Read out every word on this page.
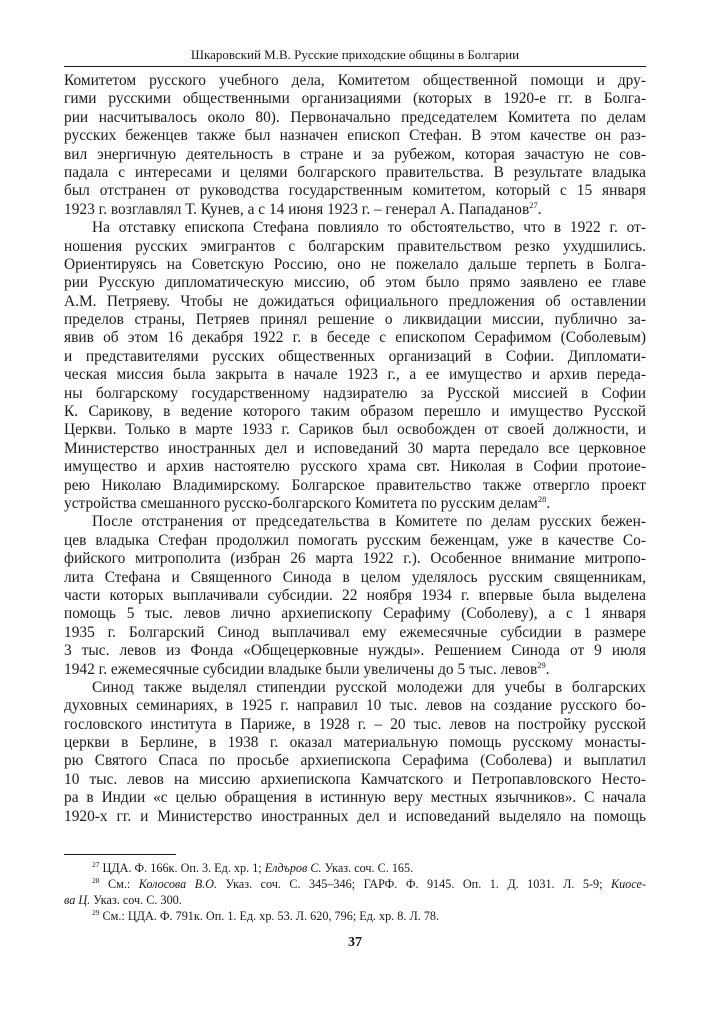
Шкаровский М.В. Русские приходские общины в Болгарии
Комитетом русского учебного дела, Комитетом общественной помощи и дру-
гими русскими общественными организациями (которых в 1920-е гг. в Болга-
рии насчитывалось около 80). Первоначально председателем Комитета по делам
русских беженцев также был назначен епископ Стефан. В этом качестве он раз-
вил энергичную деятельность в стране и за рубежом, которая зачастую не сов-
падала с интересами и целями болгарского правительства. В результате владыка
был отстранен от руководства государственным комитетом, который с 15 января
1923 г. возглавлял Т. Кунев, а с 14 июня 1923 г. – генерал А. Пападанов$^{27}$.
На отставку епископа Стефана повлияло то обстоятельство, что в 1922 г. от-
ношения русских эмигрантов с болгарским правительством резко ухудшились.
Ориентируясь на Советскую Россию, оно не пожелало дальше терпеть в Болга-
рии Русскую дипломатическую миссию, об этом было прямо заявлено ее главе
А.М. Петряеву. Чтобы не дожидаться официального предложения об оставлении
пределов страны, Петряев принял решение о ликвидации миссии, публично за-
явив об этом 16 декабря 1922 г. в беседе с епископом Серафимом (Соболевым)
и представителями русских общественных организаций в Софии. Дипломати-
ческая миссия была закрыта в начале 1923 г., а ее имущество и архив переда-
ны болгарскому государственному надзирателю за Русской миссией в Софии
К. Сарикову, в ведение которого таким образом перешло и имущество Русской
Церкви. Только в марте 1933 г. Сариков был освобожден от своей должности, и
Министерство иностранных дел и исповеданий 30 марта передало все церковное
имущество и архив настоятелю русского храма свт. Николая в Софии протоие-
рею Николаю Владимирскому. Болгарское правительство также отвергло проект
устройства смешанного русско-болгарского Комитета по русским делам$^{28}$.
После отстранения от председательства в Комитете по делам русских бежен-
цев владыка Стефан продолжил помогать русским беженцам, уже в качестве Со-
фийского митрополита (избран 26 марта 1922 г.). Особенное внимание митропо-
лита Стефана и Священного Синода в целом уделялось русским священникам,
части которых выплачивали субсидии. 22 ноября 1934 г. впервые была выделена
помощь 5 тыс. левов лично архиепископу Серафиму (Соболеву), а с 1 января
1935 г. Болгарский Синод выплачивал ему ежемесячные субсидии в размере
3 тыс. левов из Фонда «Общецерковные нужды». Решением Синода от 9 июля
1942 г. ежемесячные субсидии владыке были увеличены до 5 тыс. левов$^{29}$.
Синод также выделял стипендии русской молодежи для учебы в болгарских
духовных семинариях, в 1925 г. направил 10 тыс. левов на создание русского бо-
гословского института в Париже, в 1928 г. – 20 тыс. левов на постройку русской
церкви в Берлине, в 1938 г. оказал материальную помощь русскому монасты-
рю Святого Спаса по просьбе архиепископа Серафима (Соболева) и выплатил
10 тыс. левов на миссию архиепископа Камчатского и Петропавловского Несто-
ра в Индии «с целью обращения в истинную веру местных язычников». С начала
1920-х гг. и Министерство иностранных дел и исповеданий выделяло на помощь
$^{27}$ ЦДА. Ф. 166к. Оп. 3. Ед. хр. 1; Елдъров С. Указ. соч. С. 165.
$^{28}$ См.: Колосова В.О. Указ. соч. С. 345–346; ГАРФ. Ф. 9145. Оп. 1. Д. 1031. Л. 5-9; Киосе-
ва Ц. Указ. соч. С. 300.
$^{29}$ См.: ЦДА. Ф. 791к. Оп. 1. Ед. хр. 53. Л. 620, 796; Ед. хр. 8. Л. 78.
37
